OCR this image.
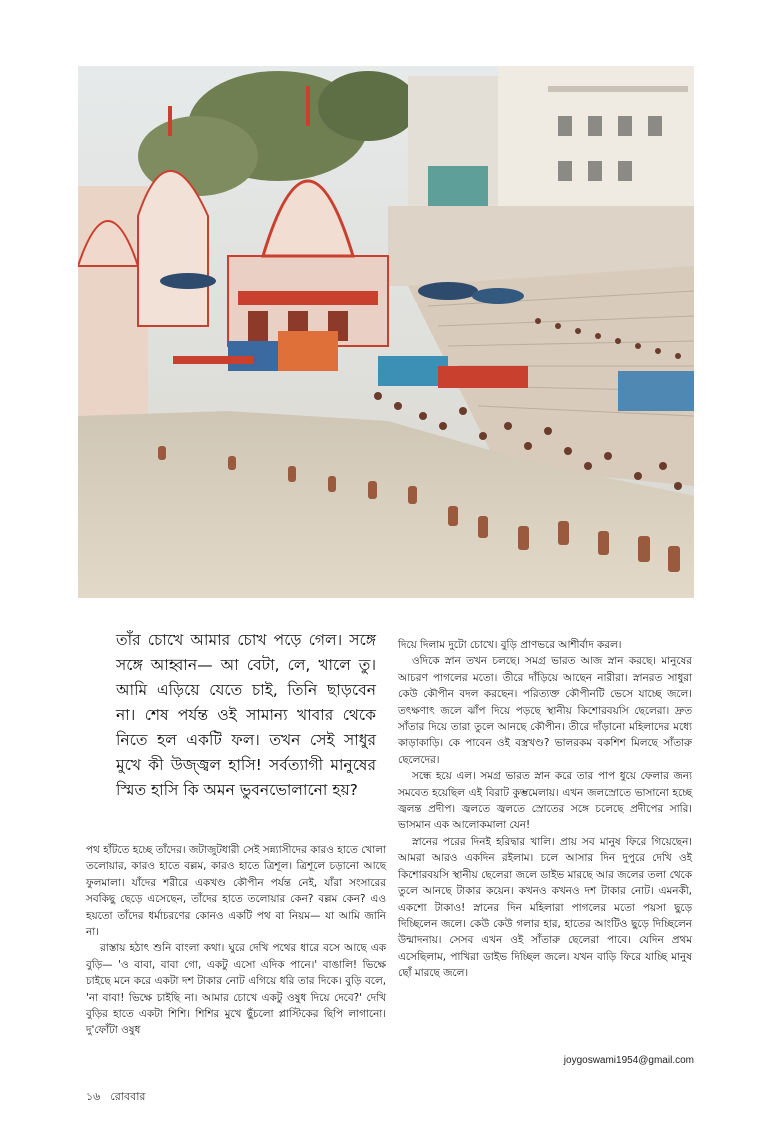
তাঁর চোখে আমার চোখ পড়ে গেল। সঙ্গে সঙ্গে আহ্বান— আ বেটা, লে, খালে তু। আমি এড়িয়ে যেতে চাই, তিনি ছাড়বেন না। শেষ পর্যন্ত ওই সামান্য খাবার থেকে নিতে হল একটি ফল। তখন সেই সাধুর মুখে কী উজ্জ্বল হাসি! সর্বত্যাগী মানুষের স্মিত হাসি কি অমন ভুবনভোলানো হয়?

পথ হাঁটতে হচ্ছে তাঁদের। জটাজুটধারী সেই সন্ন্যাসীদের কারও হাতে খোলা তলোয়ার, কারও হাতে বল্লম, কারও হাতে ত্রিশূল। ত্রিশূলে চড়ানো আছে ফুলমালা। যাঁদের শরীরে একখণ্ড কৌপীন পর্যন্ত নেই, যাঁরা সংসারের সবকিছু ছেড়ে এসেছেন, তাঁদের হাতে তলোয়ার কেন? বল্লম কেন? এও হয়তো তাঁদের ধর্মাচরণের কোনও একটি পথ বা নিয়ম— যা আমি জানি না।

রাস্তায় হঠাৎ শুনি বাংলা কথা। ঘুরে দেখি পথের ধারে বসে আছে এক বুড়ি— 'ও বাবা, বাবা গো, একটু এসো এদিক পানে।' বাঙালি! ভিক্ষে চাইছে মনে করে একটা দশ টাকার নোট এগিয়ে ধরি তার দিকে। বুড়ি বলে, 'না বাবা! ভিক্ষে চাইছি না। আমার চোখে একটু ওষুধ দিয়ে দেবে?' দেখি বুড়ির হাতে একটা শিশি। শিশির মুখে ছুঁচলো প্লাস্টিকের ছিপি লাগানো। দু'ফোঁটা ওষুধ

দিয়ে দিলাম দুটো চোখে। বুড়ি প্রাণভরে আশীর্বাদ করল।

ওদিকে স্নান তখন চলছে। সমগ্র ভারত আজ স্নান করছে। মানুষের আচরণ পাগলের মতো। তীরে দাঁড়িয়ে আছেন নারীরা। স্নানরত সাধুরা কেউ কৌপীন বদল করছেন। পরিত্যক্ত কৌপীনটি ভেসে যাচ্ছে জলে। তৎক্ষণাৎ জলে ঝাঁপ দিয়ে পড়ছে স্থানীয় কিশোরবয়সি ছেলেরা। দ্রুত সাঁতার দিয়ে তারা তুলে আনছে কৌপীন। তীরে দাঁড়ানো মহিলাদের মধ্যে কাড়াকাড়ি। কে পাবেন ওই বস্ত্রখণ্ড? ভালরকম বকশিশ মিলছে সাঁতারু ছেলেদের।

সন্ধে হয়ে এল। সমগ্র ভারত স্নান করে তার পাপ ধুয়ে ফেলার জন্য সমবেত হয়েছিল এই বিরাট কুম্ভমেলায়। এখন জলস্রোতে ভাসানো হচ্ছে জ্বলন্ত প্রদীপ। জ্বলতে জ্বলতে স্রোতের সঙ্গে চলেছে প্রদীপের সারি। ভাসমান এক আলোকমালা যেন!

স্নানের পরের দিনই হরিদ্বার খালি। প্রায় সব মানুষ ফিরে গিয়েছেন। আমরা আরও একদিন রইলাম। চলে আসার দিন দুপুরে দেখি ওই কিশোরবয়সি স্থানীয় ছেলেরা জলে ডাইভ মারছে আর জলের তলা থেকে তুলে আনছে টাকার কয়েন। কখনও কখনও দশ টাকার নোট। এমনকী, একশো টাকাও! স্নানের দিন মহিলারা পাগলের মতো পয়সা ছুড়ে দিচ্ছিলেন জলে। কেউ কেউ গলার হার, হাতের আংটিও ছুড়ে দিচ্ছিলেন উন্মাদনায়। সেসব এখন ওই সাঁতারু ছেলেরা পাবে। যেদিন প্রথম এসেছিলাম, পাখিরা ডাইভ দিচ্ছিল জলে। যখন বাড়ি ফিরে যাচ্ছি মানুষ ছোঁ মারছে জলে।

joygoswami1954@gmail.com
১৬ রোববার
